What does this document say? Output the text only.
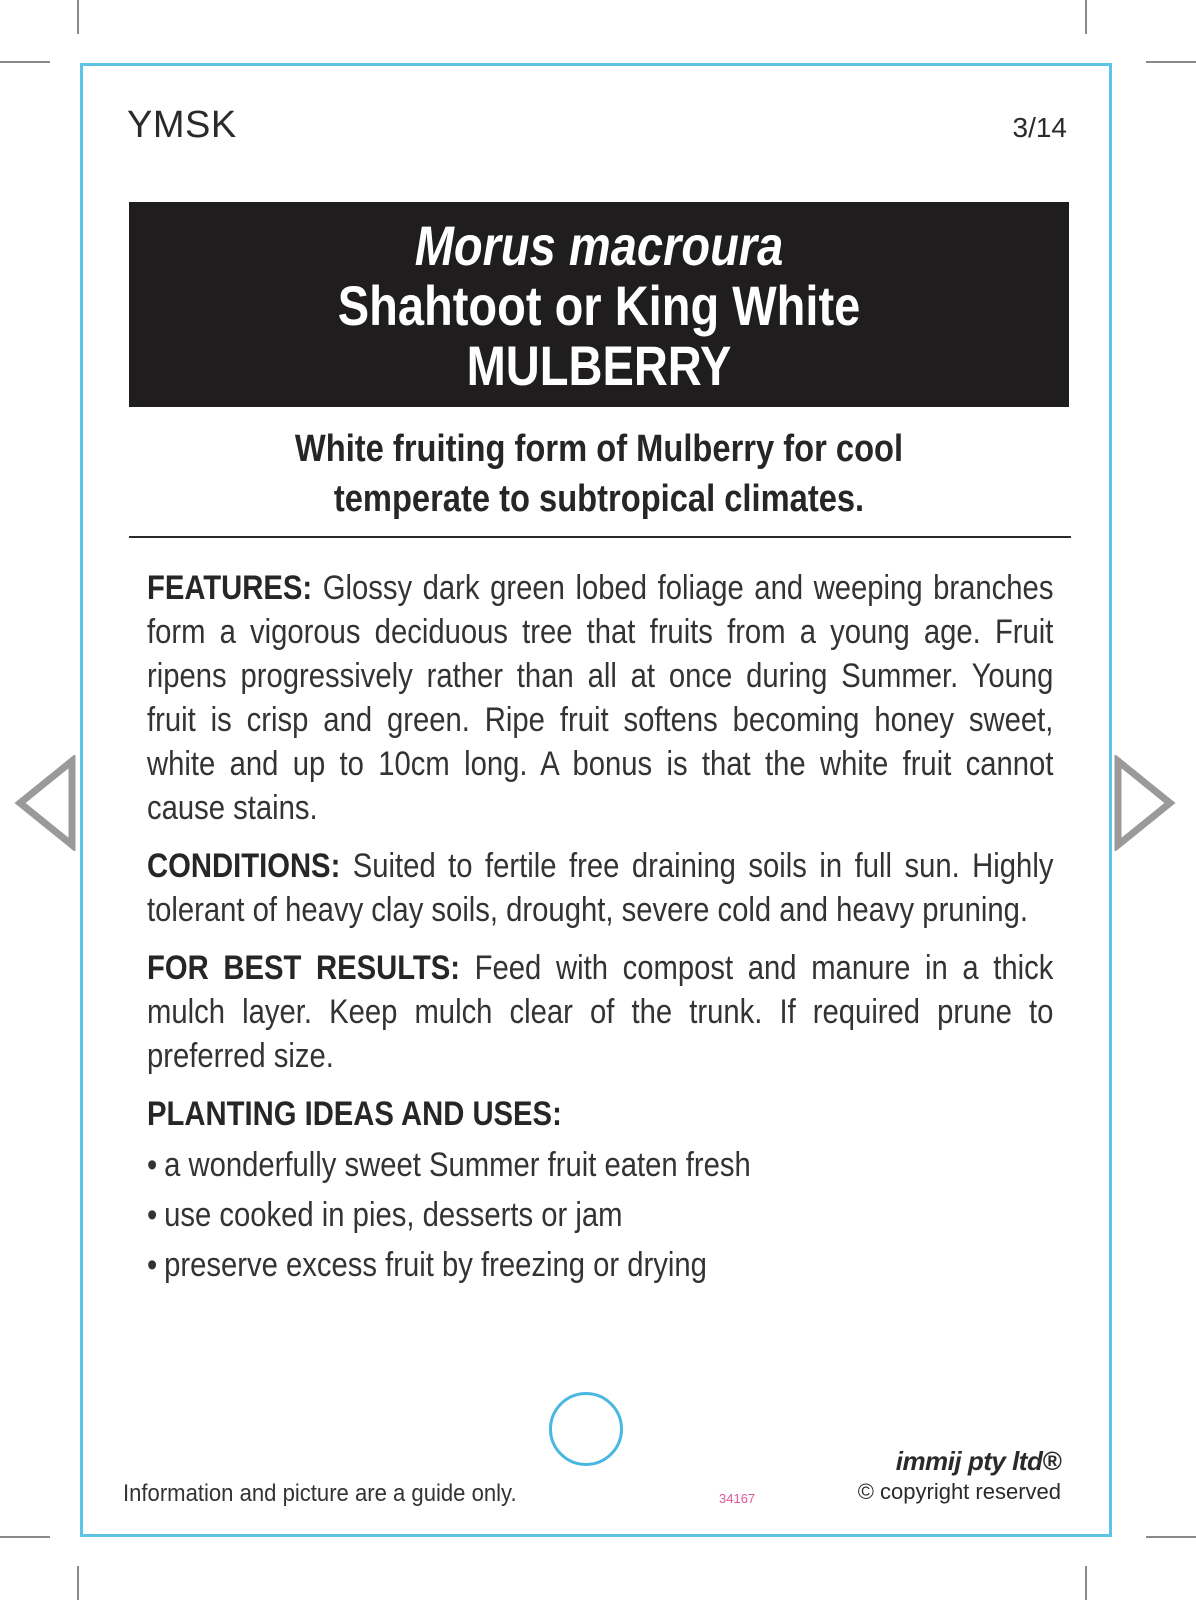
YMSK	3/14
Morus macroura
Shahtoot or King White
MULBERRY
White fruiting form of Mulberry for cool
temperate to subtropical climates.

FEATURES: Glossy dark green lobed foliage and weeping branches form a vigorous deciduous tree that fruits from a young age. Fruit ripens progressively rather than all at once during Summer. Young fruit is crisp and green. Ripe fruit softens becoming honey sweet, white and up to 10cm long. A bonus is that the white fruit cannot cause stains.

CONDITIONS: Suited to fertile free draining soils in full sun. Highly tolerant of heavy clay soils, drought, severe cold and heavy pruning.

FOR BEST RESULTS: Feed with compost and manure in a thick mulch layer. Keep mulch clear of the trunk. If required prune to preferred size.

PLANTING IDEAS AND USES:
• a wonderfully sweet Summer fruit eaten fresh
• use cooked in pies, desserts or jam
• preserve excess fruit by freezing or drying
Information and picture are a guide only.	34167
immij pty ltd®
© copyright reserved
